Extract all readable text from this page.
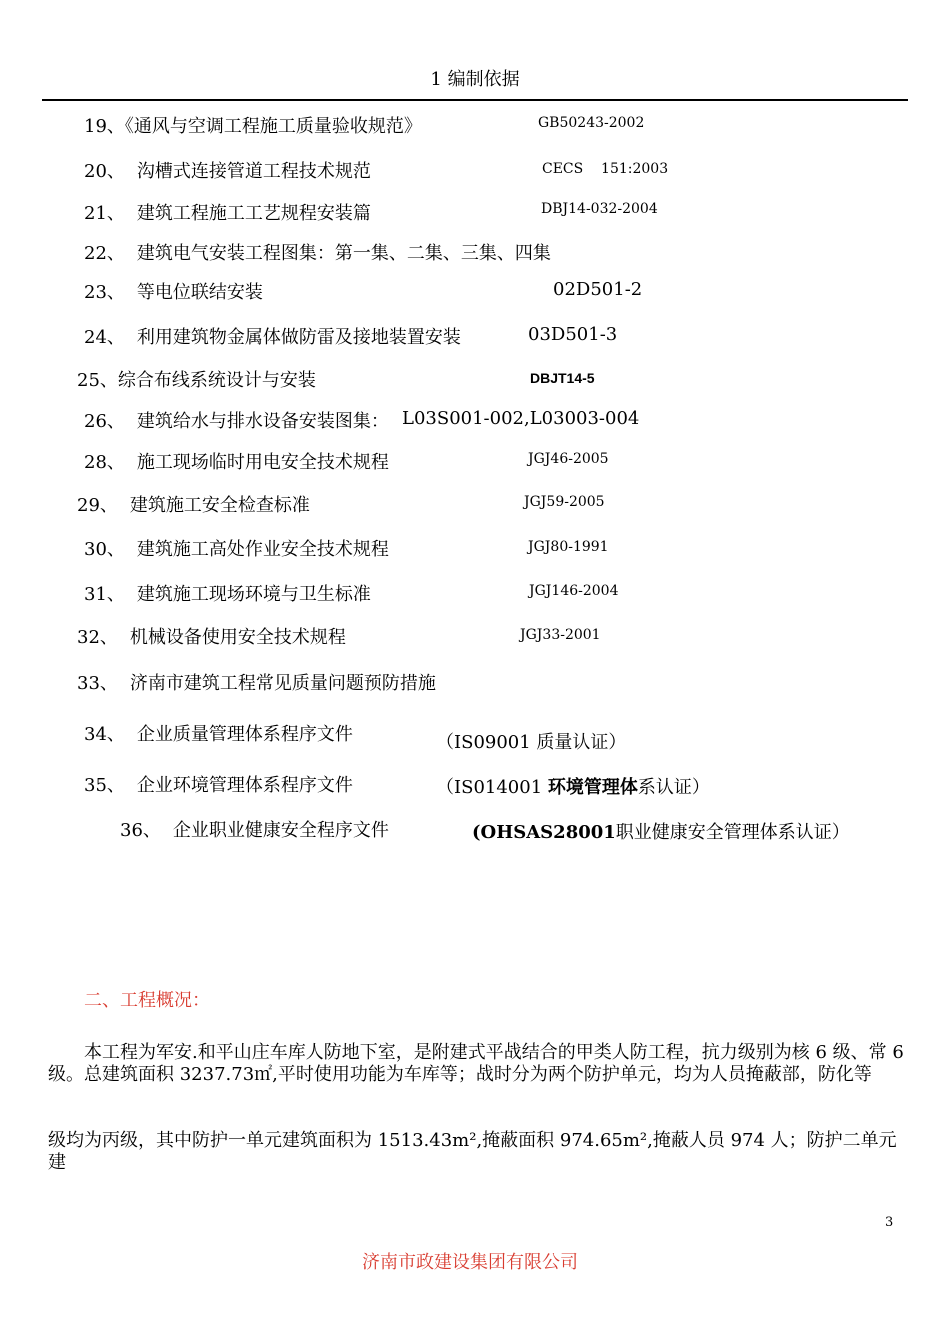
1 编制依据
19、《通风与空调工程施工质量验收规范》	GB50243-2002
20、 沟槽式连接管道工程技术规范	CECS    151:2003
21、 建筑工程施工工艺规程安装篇	DBJ14-032-2004
22、 建筑电气安装工程图集：第一集、二集、三集、四集
23、 等电位联结安装	02D501-2
24、 利用建筑物金属体做防雷及接地装置安装	03D501-3
25、综合布线系统设计与安装	DBJT14-5
26、 建筑给水与排水设备安装图集： L03S001-002,L03003-004
28、 施工现场临时用电安全技术规程	JGJ46-2005
29、 建筑施工安全检查标准	JGJ59-2005
30、 建筑施工高处作业安全技术规程	JGJ80-1991
31、 建筑施工现场环境与卫生标准	JGJ146-2004
32、 机械设备使用安全技术规程	JGJ33-2001
33、 济南市建筑工程常见质量问题预防措施
34、 企业质量管理体系程序文件	（IS09001 质量认证）
35、 企业环境管理体系程序文件	（IS014001 环境管理体系认证）
36、 企业职业健康安全程序文件	(OHSAS28001职业健康安全管理体系认证）
二、工程概况：
本工程为军安.和平山庄车库人防地下室，是附建式平战结合的甲类人防工程，抗力级别为核 6 级、常 6 级。总建筑面积 3237.73㎡,平时使用功能为车库等；战时分为两个防护单元，均为人员掩蔽部，防化等
级均为丙级，其中防护一单元建筑面积为 1513.43m²,掩蔽面积 974.65m²,掩蔽人员 974 人；防护二单元建
3
济南市政建设集团有限公司
